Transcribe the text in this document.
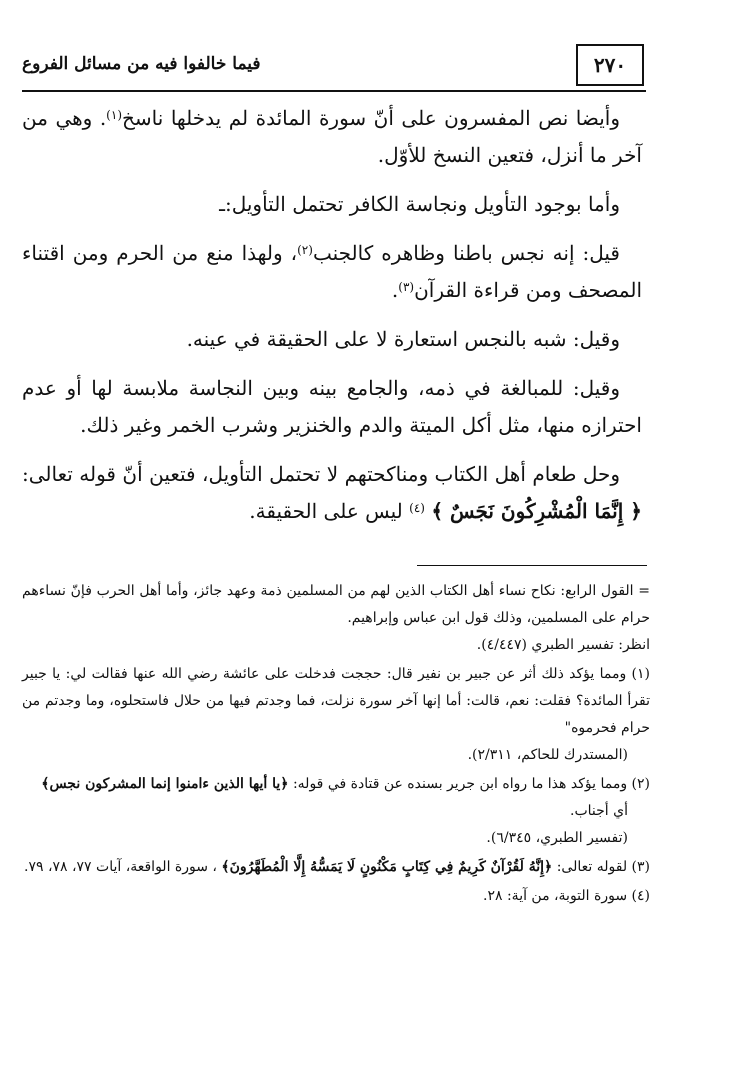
فيما خالفوا فيه من مسائل الفروع	٢٧٠

وأيضا نص المفسرون على أنّ سورة المائدة لم يدخلها ناسخ$^{(١)}$. وهي من آخر ما أنزل، فتعين النسخ للأوّل.

وأما بوجود التأويل ونجاسة الكافر تحتمل التأويل:ـ

قيل: إنه نجس باطنا وظاهره كالجنب$^{(٢)}$، ولهذا منع من الحرم ومن اقتناء المصحف ومن قراءة القرآن$^{(٣)}$.

وقيل: شبه بالنجس استعارة لا على الحقيقة في عينه.

وقيل: للمبالغة في ذمه، والجامع بينه وبين النجاسة ملابسة لها أو عدم احترازه منها، مثل أكل الميتة والدم والخنزير وشرب الخمر وغير ذلك.

وحل طعام أهل الكتاب ومناكحتهم لا تحتمل التأويل، فتعين أنّ قوله تعالى: ﴿ إِنَّمَا الْمُشْرِكُونَ نَجَسٌ ﴾ $^{(٤)}$ ليس على الحقيقة.

= القول الرابع: نكاح نساء أهل الكتاب الذين لهم من المسلمين ذمة وعهد جائز، وأما أهل الحرب فإنّ نساءهم حرام على المسلمين، وذلك قول ابن عباس وإبراهيم.
انظر: تفسير الطبري (٤/٤٤٧).

(١) ومما يؤكد ذلك أثر عن جبير بن نفير قال: حججت فدخلت على عائشة رضي الله عنها فقالت لي: يا جبير تقرأ المائدة؟ فقلت: نعم، قالت: أما إنها آخر سورة نزلت، فما وجدتم فيها من حلال فاستحلوه، وما وجدتم من حرام فحرموه"
(المستدرك للحاكم، ٢/٣١١).

(٢) ومما يؤكد هذا ما رواه ابن جرير بسنده عن قتادة في قوله: ﴿يا أيها الذين ءامنوا إنما المشركون نجس﴾
أي أجناب.
(تفسير الطبري، ٦/٣٤٥).

(٣) لقوله تعالى: ﴿إِنَّهُ لَقُرْآنٌ كَرِيمٌ فِي كِتَابٍ مَكْنُونٍ لَا يَمَسُّهُ إِلَّا الْمُطَهَّرُونَ﴾ ، سورة الواقعة، آيات ٧٧، ٧٨، ٧٩.

(٤) سورة التوبة، من آية: ٢٨.
